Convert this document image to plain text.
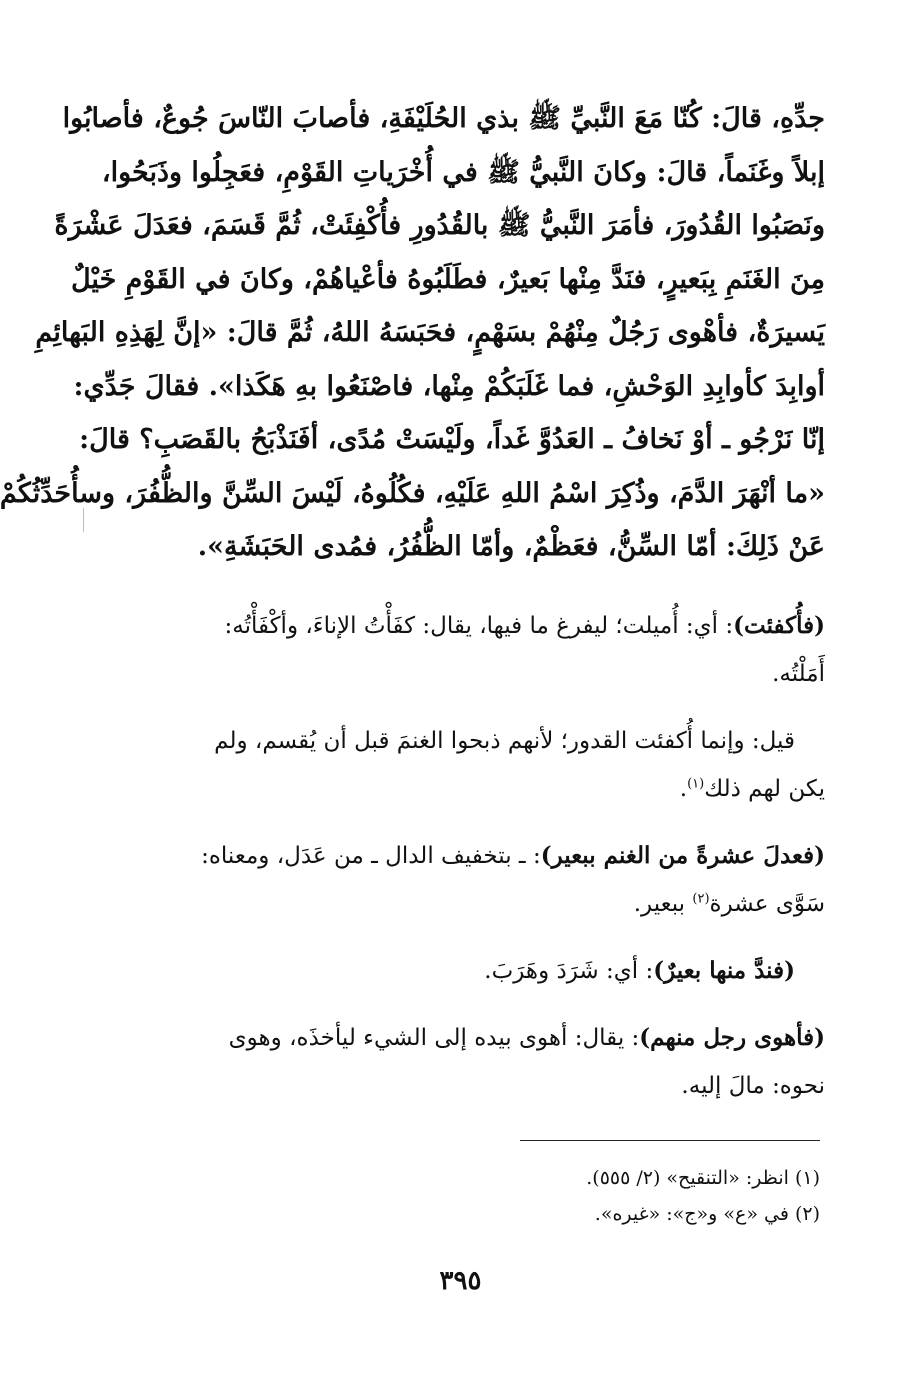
جدِّهِ، قالَ: كُنّا مَعَ النَّبيِّ ﷺ بذي الحُلَيْفَةِ، فأصابَ النّاسَ جُوعٌ، فأصابُوا
إبلاً وغَنَماً، قالَ: وكانَ النَّبيُّ ﷺ في أُخْرَياتِ القَوْمِ، فعَجِلُوا وذَبَحُوا،
ونَصَبُوا القُدُورَ، فأمَرَ النَّبيُّ ﷺ بالقُدُورِ فأُكْفِئَتْ، ثُمَّ قَسَمَ، فعَدَلَ عَشْرَةً
مِنَ الغَنَمِ بِبَعيرٍ، فنَدَّ مِنْها بَعيرٌ، فطَلَبُوهُ فأعْياهُمْ، وكانَ في القَوْمِ خَيْلٌ
يَسيرَةٌ، فأهْوى رَجُلٌ مِنْهُمْ بسَهْمٍ، فحَبَسَهُ اللهُ، ثُمَّ قالَ: «إنَّ لِهَذِهِ البَهائِمِ
أوابِدَ كأوابِدِ الوَحْشِ، فما غَلَبَكُمْ مِنْها، فاصْنَعُوا بهِ هَكَذا». فقالَ جَدِّي:
إنّا نَرْجُو ـ أوْ نَخافُ ـ العَدُوَّ غَداً، ولَيْسَتْ مُدًى، أفَنَذْبَحُ بالقَصَبِ؟ قالَ:
«ما أنْهَرَ الدَّمَ، وذُكِرَ اسْمُ اللهِ عَلَيْهِ، فكُلُوهُ، لَيْسَ السِّنَّ والظُّفُرَ، وسأُحَدِّثُكُمْ
عَنْ ذَلِكَ: أمّا السِّنُّ، فعَظْمٌ، وأمّا الظُّفُرُ، فمُدى الحَبَشَةِ».
(فأُكفئت): أي: أُميلت؛ ليفرغ ما فيها، يقال: كفَأْتُ الإناءَ، وأكْفَأْتُه:
أَمَلْتُه.
قيل: وإنما أُكفئت القدور؛ لأنهم ذبحوا الغنمَ قبل أن يُقسم، ولم
يكن لهم ذلك$^{(١)}$.
(فعدلَ عشرةً من الغنم ببعير): ـ بتخفيف الدال ـ من عَدَل، ومعناه:
سَوَّى عشرة$^{(٢)}$ ببعير.
(فندَّ منها بعيرٌ): أي: شَرَدَ وهَرَبَ.
(فأهوى رجل منهم): يقال: أهوى بيده إلى الشيء ليأخذَه، وهوى
نحوه: مالَ إليه.
(١) انظر: «التنقيح» (٢/ ٥٥٥).
(٢) في «ع» و«ج»: «غيره».
٣٩٥
